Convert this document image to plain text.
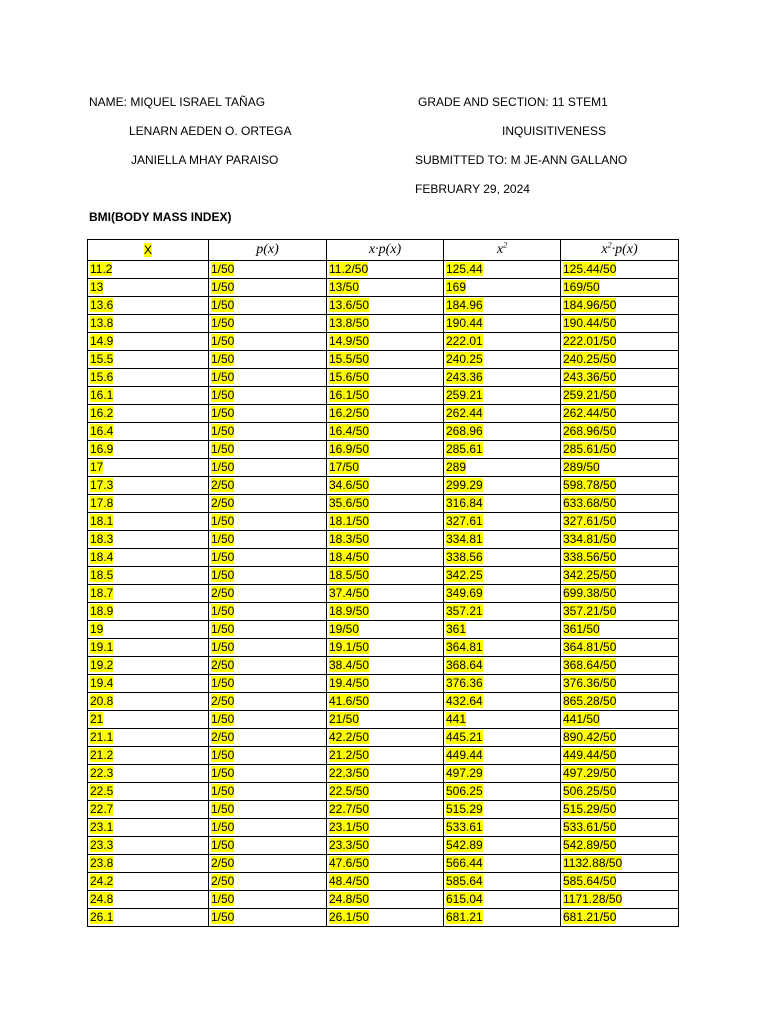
NAME: MIQUEL ISRAEL TAÑAG
LENARN AEDEN O. ORTEGA
JANIELLA MHAY PARAISO
GRADE AND SECTION: 11 STEM1
INQUISITIVENESS
SUBMITTED TO: M JE-ANN GALLANO
FEBRUARY 29, 2024
BMI(BODY MASS INDEX)
X	p(x)	x·p(x)	$x^2$	$x^2\cdot p(x)$
11.2	1/50	11.2/50	125.44	125.44/50
13	1/50	13/50	169	169/50
13.6	1/50	13.6/50	184.96	184.96/50
13.8	1/50	13.8/50	190.44	190.44/50
14.9	1/50	14.9/50	222.01	222.01/50
15.5	1/50	15.5/50	240.25	240.25/50
15.6	1/50	15.6/50	243.36	243.36/50
16.1	1/50	16.1/50	259.21	259.21/50
16.2	1/50	16.2/50	262.44	262.44/50
16.4	1/50	16.4/50	268.96	268.96/50
16.9	1/50	16.9/50	285.61	285.61/50
17	1/50	17/50	289	289/50
17.3	2/50	34.6/50	299.29	598.78/50
17.8	2/50	35.6/50	316.84	633.68/50
18.1	1/50	18.1/50	327.61	327.61/50
18.3	1/50	18.3/50	334.81	334.81/50
18.4	1/50	18.4/50	338.56	338.56/50
18.5	1/50	18.5/50	342.25	342.25/50
18.7	2/50	37.4/50	349.69	699.38/50
18.9	1/50	18.9/50	357.21	357.21/50
19	1/50	19/50	361	361/50
19.1	1/50	19.1/50	364.81	364.81/50
19.2	2/50	38.4/50	368.64	368.64/50
19.4	1/50	19.4/50	376.36	376.36/50
20.8	2/50	41.6/50	432.64	865.28/50
21	1/50	21/50	441	441/50
21.1	2/50	42.2/50	445.21	890.42/50
21.2	1/50	21.2/50	449.44	449.44/50
22.3	1/50	22.3/50	497.29	497.29/50
22.5	1/50	22.5/50	506.25	506.25/50
22.7	1/50	22.7/50	515.29	515.29/50
23.1	1/50	23.1/50	533.61	533.61/50
23.3	1/50	23.3/50	542.89	542.89/50
23.8	2/50	47.6/50	566.44	1132.88/50
24.2	2/50	48.4/50	585.64	585.64/50
24.8	1/50	24.8/50	615.04	1171.28/50
26.1	1/50	26.1/50	681.21	681.21/50
